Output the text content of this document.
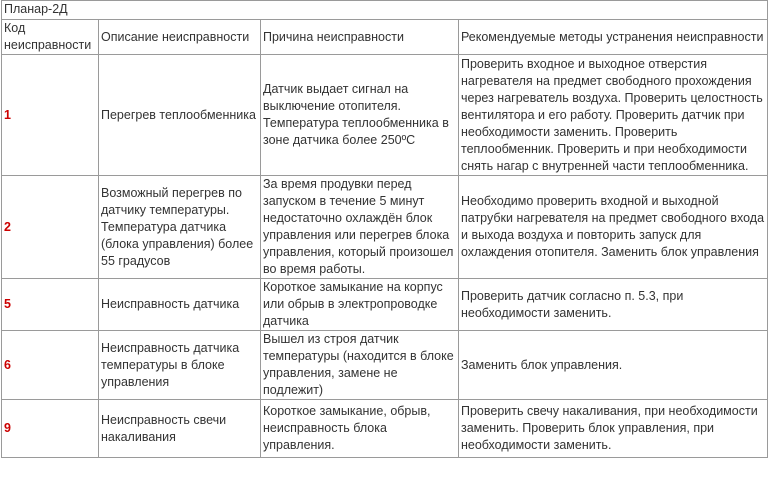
Планар-2Д			
Код неисправности	Описание неисправности	Причина неисправности	Рекомендуемые методы устранения неисправности
1	Перегрев теплообменника	Датчик выдает сигнал на выключение отопителя. Температура теплообменника в зоне датчика более 250ºС	Проверить входное и выходное отверстия нагревателя на предмет свободного прохождения через нагреватель воздуха. Проверить целостность вентилятора и его работу. Проверить датчик при необходимости заменить. Проверить теплообменник. Проверить и при необходимости снять нагар с внутренней части теплообменника.
2	Возможный перегрев по датчику температуры. Температура датчика (блока управления) более 55 градусов	За время продувки перед запуском в течение 5 минут недостаточно охлаждён блок управления или перегрев блока управления, который произошел во время работы.	Необходимо проверить входной и выходной патрубки нагревателя на предмет свободного входа и выхода воздуха и повторить запуск для охлаждения отопителя. Заменить блок управления
5	Неисправность датчика	Короткое замыкание на корпус или обрыв в электропроводке датчика	Проверить датчик согласно п. 5.3, при необходимости заменить.
6	Неисправность датчика температуры в блоке управления	Вышел из строя датчик температуры (находится в блоке управления, замене не подлежит)	Заменить блок управления.
9	Неисправность свечи накаливания	Короткое замыкание, обрыв, неисправность блока управления.	Проверить свечу накаливания, при необходимости заменить. Проверить блок управления, при необходимости заменить.
